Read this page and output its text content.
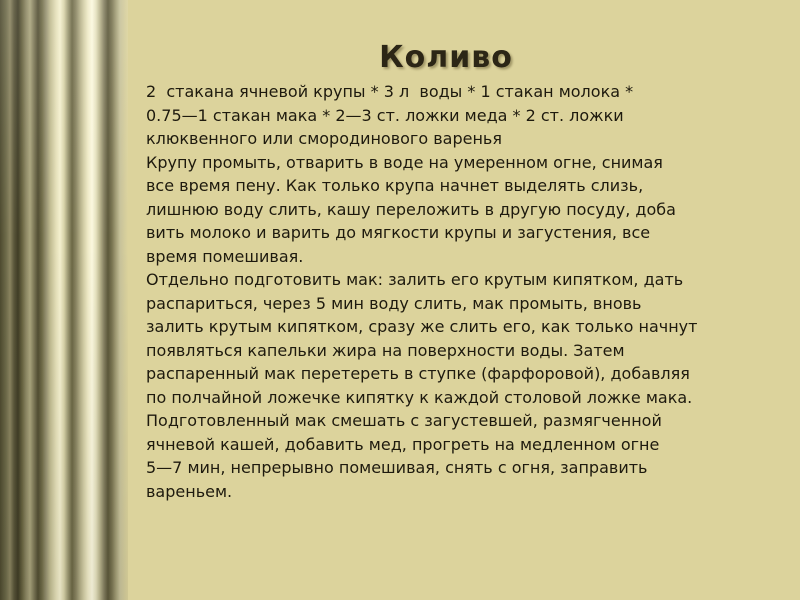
Коливо
2  стакана ячневой крупы * 3 л  воды * 1 стакан молока *
0.75—1 стакан мака * 2—3 ст. ложки меда * 2 ст. ложки
клюквенного или смородинового варенья
Крупу промыть, отварить в воде на умеренном огне, снимая
все время пену. Как только крупа начнет выделять слизь,
лишнюю воду слить, кашу переложить в другую посуду, доба
вить молоко и варить до мягкости крупы и загустения, все
время помешивая.
Отдельно подготовить мак: залить его крутым кипятком, дать
распариться, через 5 мин воду слить, мак промыть, вновь
залить крутым кипятком, сразу же слить его, как только начнут
появляться капельки жира на поверхности воды. Затем
распаренный мак перетереть в ступке (фарфоровой), добавляя
по полчайной ложечке кипятку к каждой столовой ложке мака.
Подготовленный мак смешать с загустевшей, размягченной
ячневой кашей, добавить мед, прогреть на медленном огне
5—7 мин, непрерывно помешивая, снять с огня, заправить
вареньем.
